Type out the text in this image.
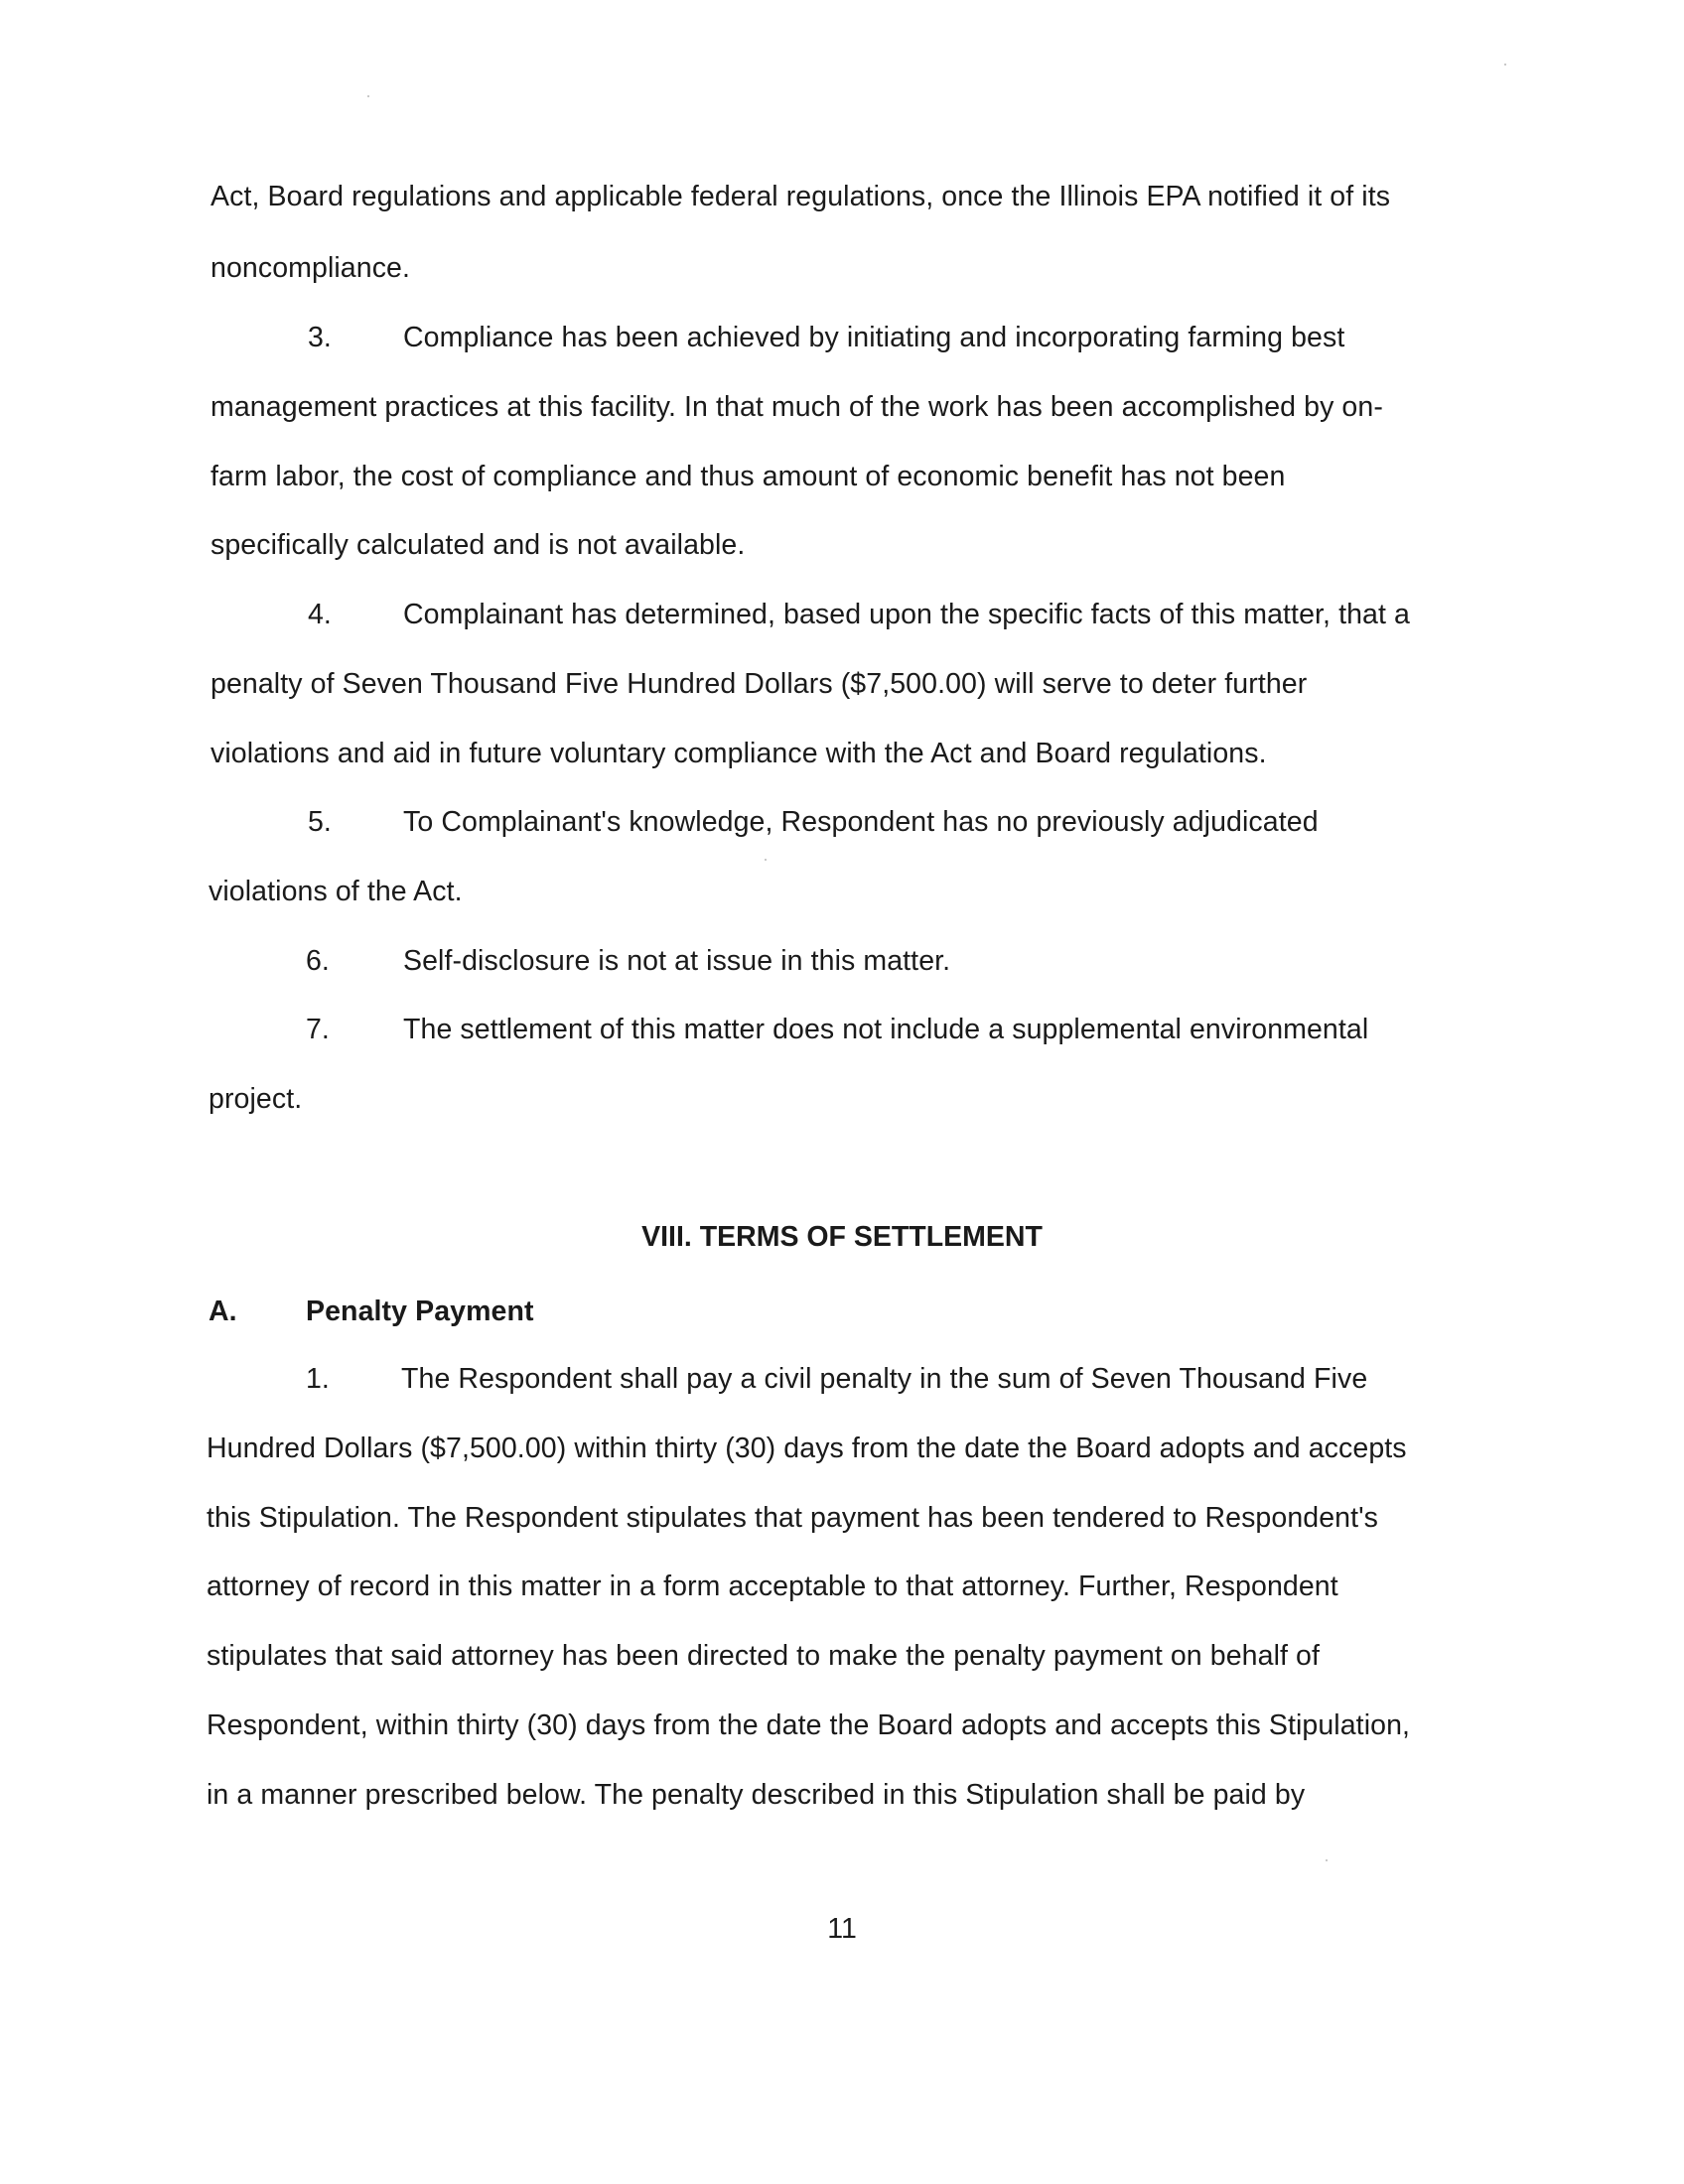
Act, Board regulations and applicable federal regulations, once the Illinois EPA notified it of its
noncompliance.
3.	Compliance has been achieved by initiating and incorporating farming best
management practices at this facility. In that much of the work has been accomplished by on-
farm labor, the cost of compliance and thus amount of economic benefit has not been
specifically calculated and is not available.
4.	Complainant has determined, based upon the specific facts of this matter, that a
penalty of Seven Thousand Five Hundred Dollars ($7,500.00) will serve to deter further
violations and aid in future voluntary compliance with the Act and Board regulations.
5.	To Complainant's knowledge, Respondent has no previously adjudicated
violations of the Act.
6.	Self-disclosure is not at issue in this matter.
7.	The settlement of this matter does not include a supplemental environmental
project.
VIII. TERMS OF SETTLEMENT
A. Penalty Payment
1.	The Respondent shall pay a civil penalty in the sum of Seven Thousand Five
Hundred Dollars ($7,500.00) within thirty (30) days from the date the Board adopts and accepts
this Stipulation. The Respondent stipulates that payment has been tendered to Respondent's
attorney of record in this matter in a form acceptable to that attorney. Further, Respondent
stipulates that said attorney has been directed to make the penalty payment on behalf of
Respondent, within thirty (30) days from the date the Board adopts and accepts this Stipulation,
in a manner prescribed below. The penalty described in this Stipulation shall be paid by
11
